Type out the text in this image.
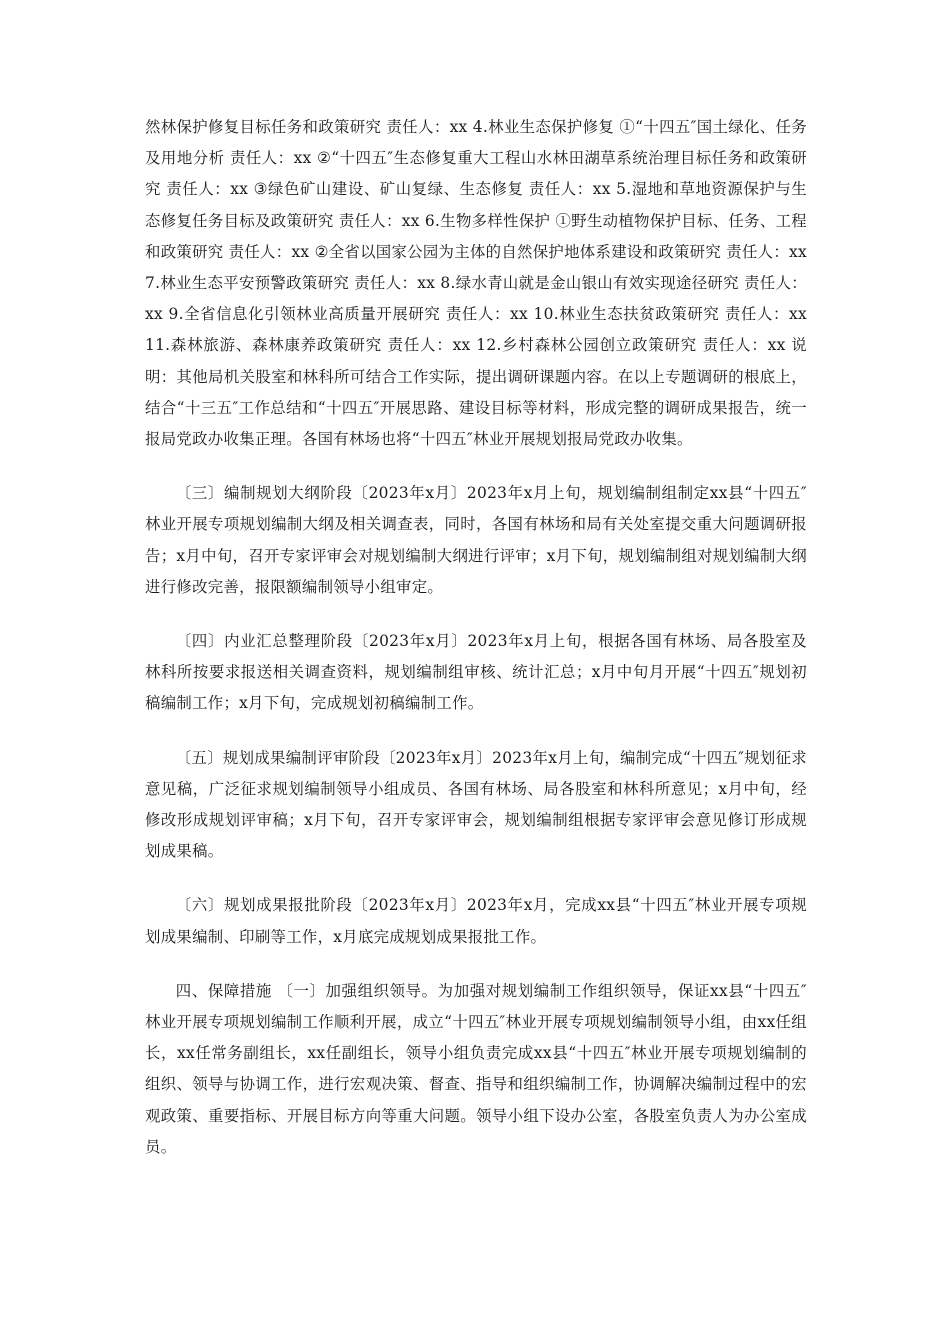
然林保护修复目标任务和政策研究 责任人：xx 4.林业生态保护修复 ①“十四五″国土绿化、任务及用地分析 责任人：xx ②“十四五″生态修复重大工程山水林田湖草系统治理目标任务和政策研究 责任人：xx ③绿色矿山建设、矿山复绿、生态修复 责任人：xx 5.湿地和草地资源保护与生态修复任务目标及政策研究 责任人：xx 6.生物多样性保护 ①野生动植物保护目标、任务、工程和政策研究 责任人：xx ②全省以国家公园为主体的自然保护地体系建设和政策研究 责任人：xx 7.林业生态平安预警政策研究 责任人：xx 8.绿水青山就是金山银山有效实现途径研究 责任人：xx 9.全省信息化引领林业高质量开展研究 责任人：xx 10.林业生态扶贫政策研究 责任人：xx 11.森林旅游、森林康养政策研究 责任人：xx 12.乡村森林公园创立政策研究 责任人：xx 说明：其他局机关股室和林科所可结合工作实际，提出调研课题内容。在以上专题调研的根底上，结合“十三五″工作总结和“十四五″开展思路、建设目标等材料，形成完整的调研成果报告，统一报局党政办收集正理。各国有林场也将“十四五″林业开展规划报局党政办收集。

〔三〕编制规划大纲阶段〔2023年x月〕2023年x月上旬，规划编制组制定xx县“十四五″林业开展专项规划编制大纲及相关调查表，同时，各国有林场和局有关处室提交重大问题调研报告；x月中旬，召开专家评审会对规划编制大纲进行评审；x月下旬，规划编制组对规划编制大纲进行修改完善，报限额编制领导小组审定。

〔四〕内业汇总整理阶段〔2023年x月〕2023年x月上旬，根据各国有林场、局各股室及林科所按要求报送相关调查资料，规划编制组审核、统计汇总；x月中旬月开展“十四五″规划初稿编制工作；x月下旬，完成规划初稿编制工作。

〔五〕规划成果编制评审阶段〔2023年x月〕2023年x月上旬，编制完成“十四五″规划征求意见稿，广泛征求规划编制领导小组成员、各国有林场、局各股室和林科所意见；x月中旬，经修改形成规划评审稿；x月下旬，召开专家评审会，规划编制组根据专家评审会意见修订形成规划成果稿。

〔六〕规划成果报批阶段〔2023年x月〕2023年x月，完成xx县“十四五″林业开展专项规划成果编制、印刷等工作，x月底完成规划成果报批工作。

四、保障措施 〔一〕加强组织领导。为加强对规划编制工作组织领导，保证xx县“十四五″林业开展专项规划编制工作顺利开展，成立“十四五″林业开展专项规划编制领导小组，由xx任组长，xx任常务副组长，xx任副组长，领导小组负责完成xx县“十四五″林业开展专项规划编制的组织、领导与协调工作，进行宏观决策、督查、指导和组织编制工作，协调解决编制过程中的宏观政策、重要指标、开展目标方向等重大问题。领导小组下设办公室，各股室负责人为办公室成员。
